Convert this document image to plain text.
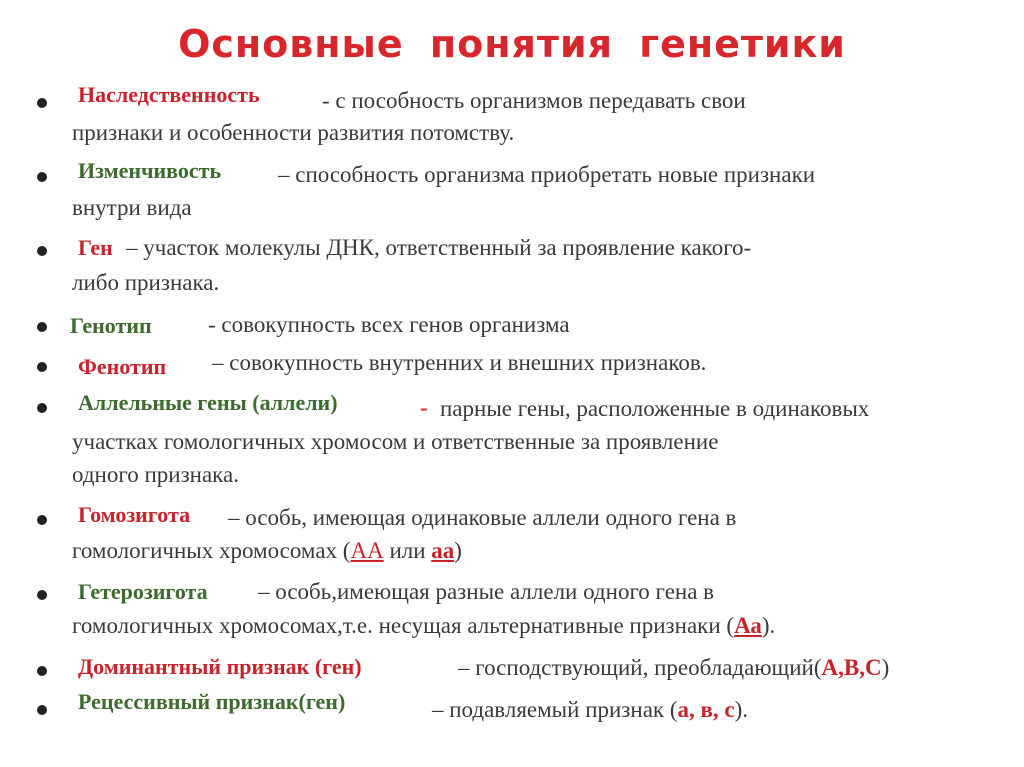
Основные понятия генетики
Наследственность	- с пособность организмов передавать свои
признаки и особенности развития потомству.
Изменчивость – способность организма приобретать новые признаки
внутри вида
Ген – участок молекулы ДНК, ответственный за проявление какого-
либо признака.
Генотип - совокупность всех генов организма
Фенотип – совокупность внутренних и внешних признаков.
Аллельные гены (аллели)	- парные гены, расположенные в одинаковых
участках гомологичных хромосом и ответственные за проявление
одного признака.
Гомозигота – особь, имеющая одинаковые аллели одного гена в
гомологичных хромосомах (АА или аа)
Гетерозигота – особь,имеющая разные аллели одного гена в
гомологичных хромосомах,т.е. несущая альтернативные признаки (Аа).
Доминантный признак (ген)	– господствующий, преобладающий(А,В,С)
Рецессивный признак(ген)	– подавляемый признак (а, в, с).
